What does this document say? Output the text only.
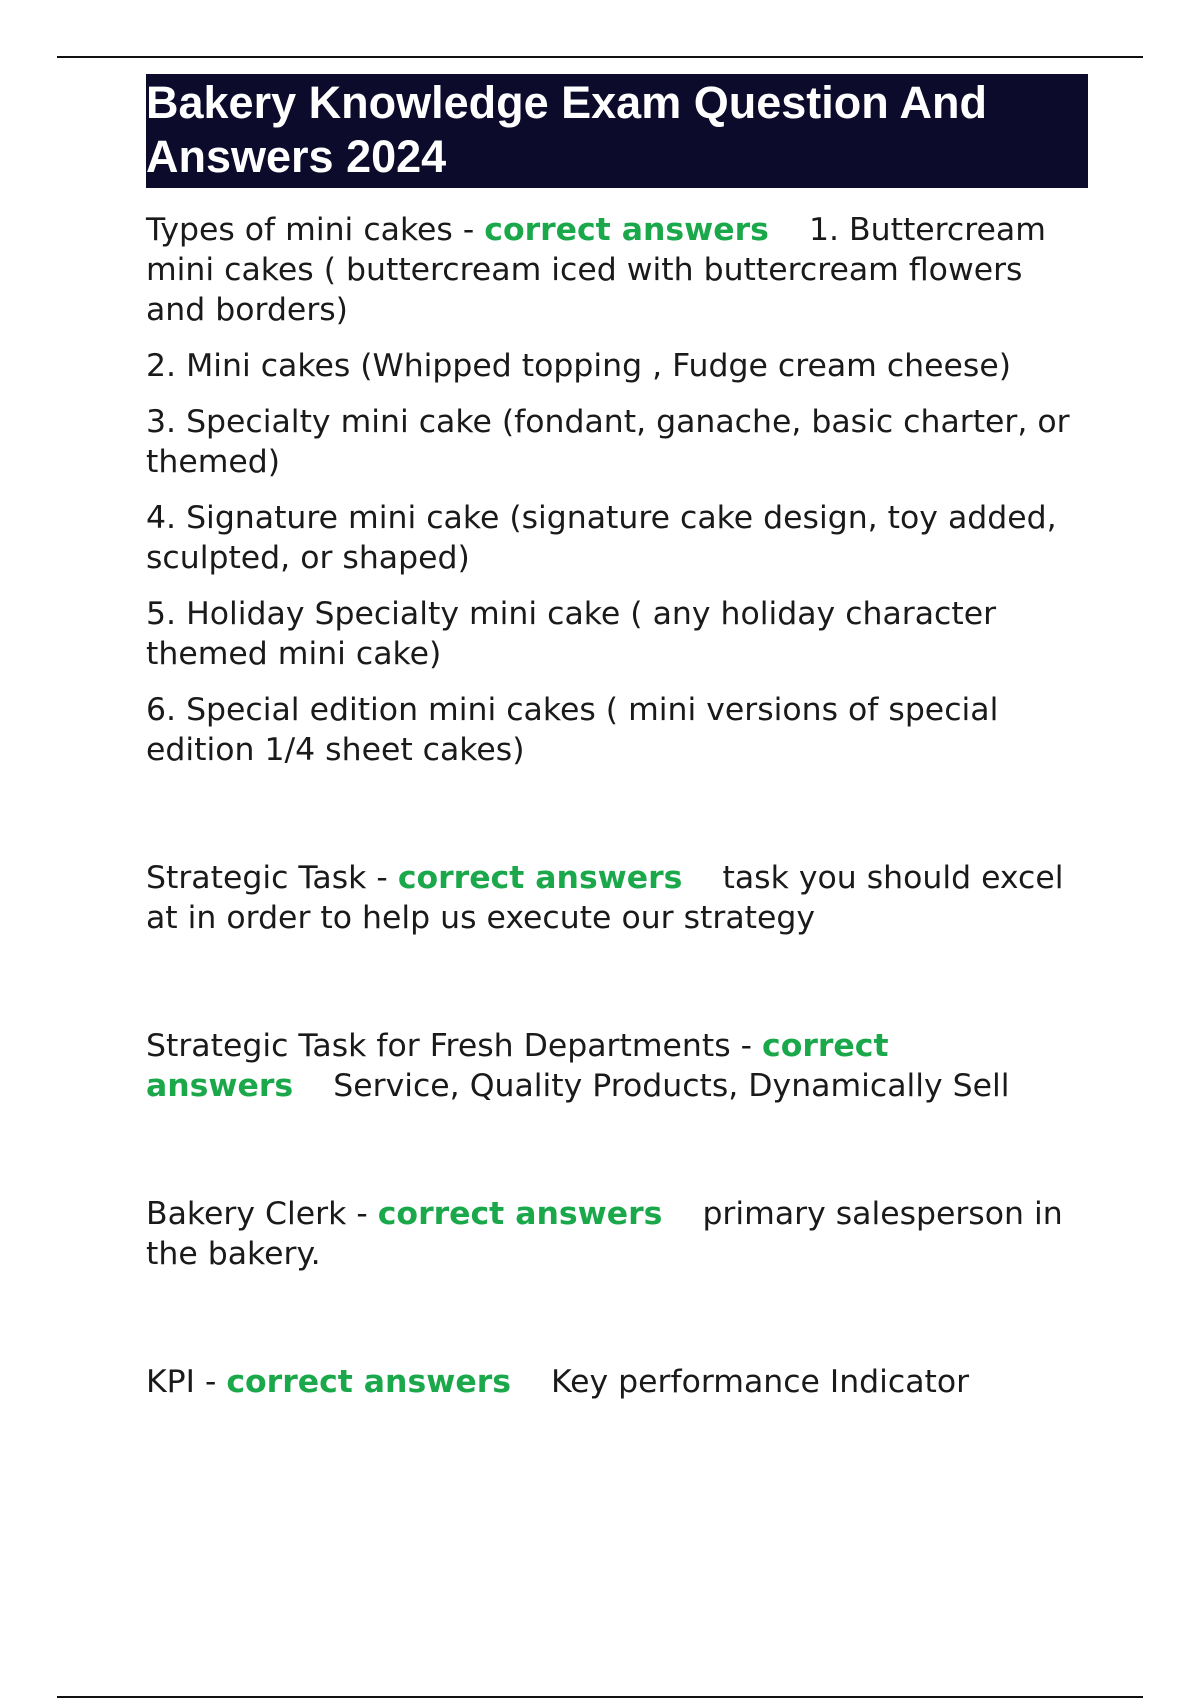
Bakery Knowledge Exam Question And Answers 2024

Types of mini cakes - correct answers 1. Buttercream mini cakes ( buttercream iced with buttercream flowers and borders)

2. Mini cakes (Whipped topping , Fudge cream cheese)

3. Specialty mini cake (fondant, ganache, basic charter, or themed)

4. Signature mini cake (signature cake design, toy added, sculpted, or shaped)

5. Holiday Specialty mini cake ( any holiday character themed mini cake)

6. Special edition mini cakes ( mini versions of special edition 1/4 sheet cakes)

Strategic Task - correct answers task you should excel at in order to help us execute our strategy

Strategic Task for Fresh Departments - correct answers Service, Quality Products, Dynamically Sell

Bakery Clerk - correct answers primary salesperson in the bakery.

KPI - correct answers Key performance Indicator
